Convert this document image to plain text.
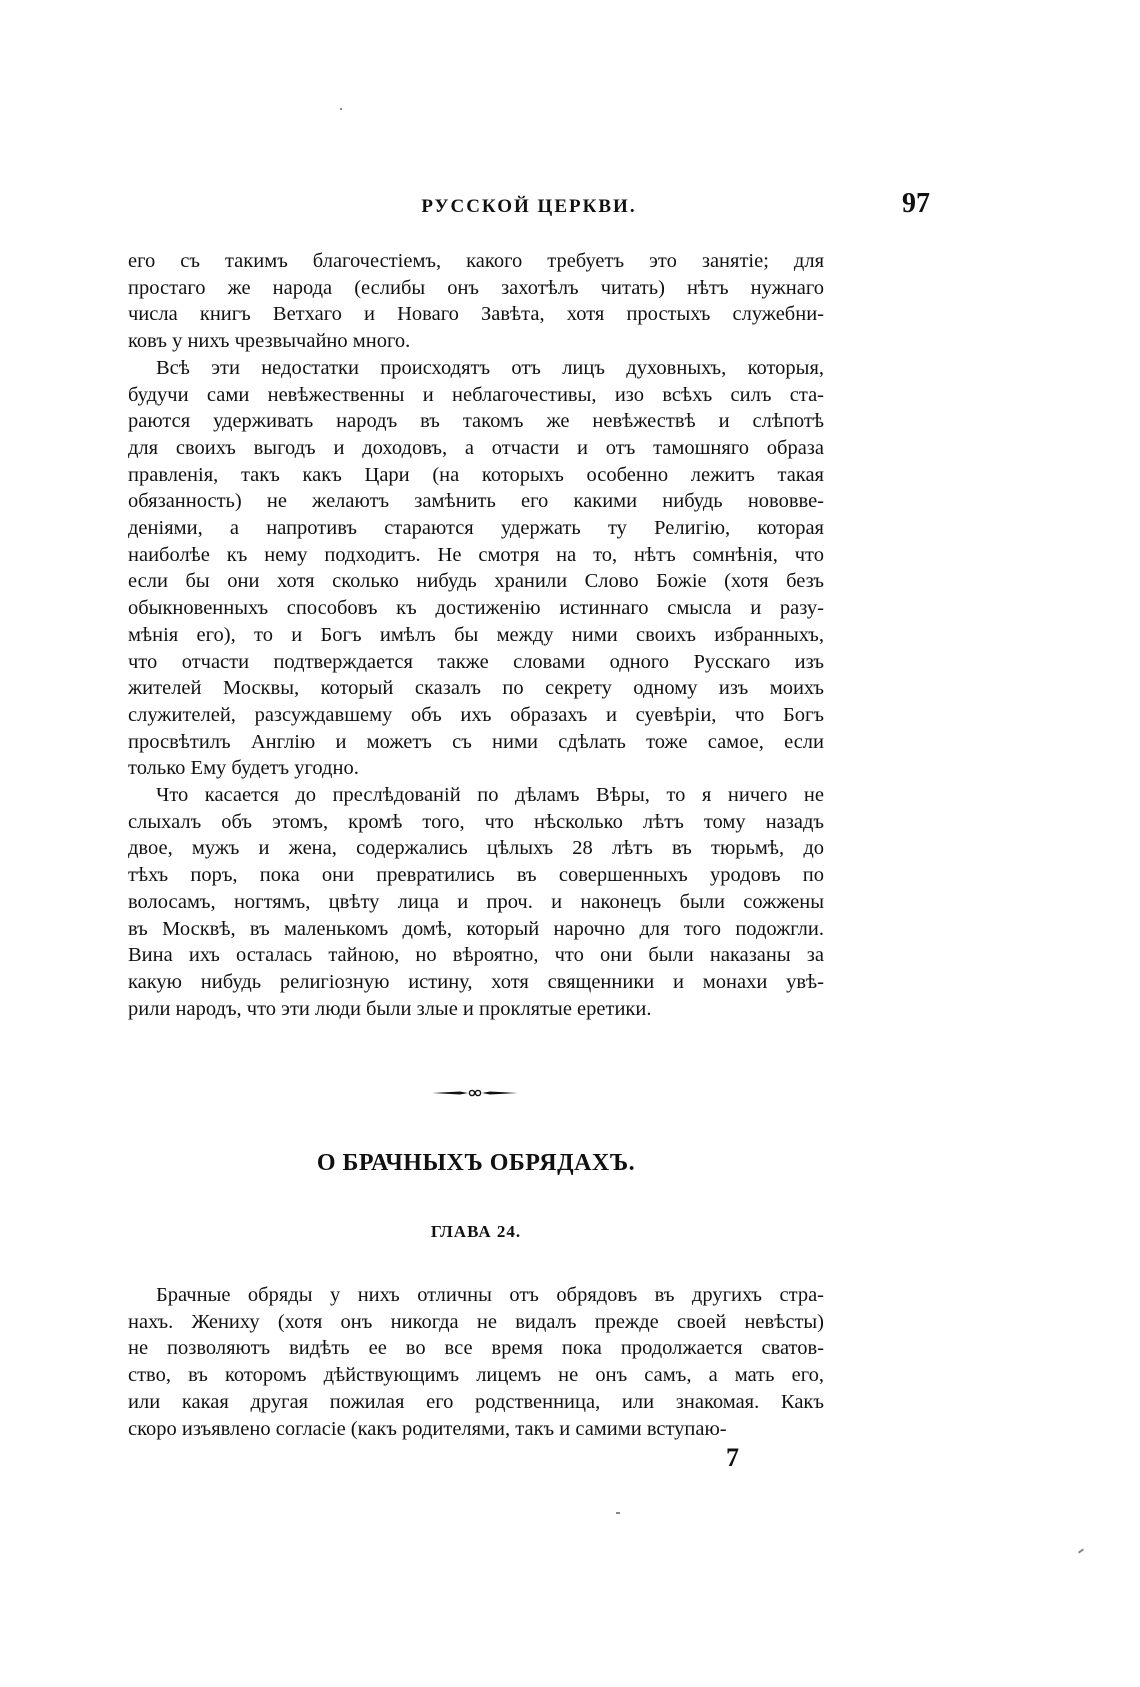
РУССКОЙ ЦЕРКВИ.	97
его съ такимъ благочестіемъ, какого требуетъ это занятіе; для
простаго же народа (еслибы онъ захотѣлъ читать) нѣтъ нужнаго
числа книгъ Ветхаго и Новаго Завѣта, хотя простыхъ служебни-
ковъ у нихъ чрезвычайно много.
Всѣ эти недостатки происходятъ отъ лицъ духовныхъ, которыя,
будучи сами невѣжественны и неблагочестивы, изо всѣхъ силъ ста-
раются удерживать народъ въ такомъ же невѣжествѣ и слѣпотѣ
для своихъ выгодъ и доходовъ, а отчасти и отъ тамошняго образа
правленія, такъ какъ Цари (на которыхъ особенно лежитъ такая
обязанность) не желаютъ замѣнить его какими нибудь нововве-
деніями, а напротивъ стараются удержать ту Религію, которая
наиболѣе къ нему подходитъ. Не смотря на то, нѣтъ сомнѣнія, что
если бы они хотя сколько нибудь хранили Слово Божіе (хотя безъ
обыкновенныхъ способовъ къ достиженію истиннаго смысла и разу-
мѣнія его), то и Богъ имѣлъ бы между ними своихъ избранныхъ,
что отчасти подтверждается также словами одного Русскаго изъ
жителей Москвы, который сказалъ по секрету одному изъ моихъ
служителей, разсуждавшему объ ихъ образахъ и суевѣріи, что Богъ
просвѣтилъ Англію и можетъ съ ними сдѣлать тоже самое, если
только Ему будетъ угодно.
Что касается до преслѣдованій по дѣламъ Вѣры, то я ничего не
слыхалъ объ этомъ, кромѣ того, что нѣсколько лѣтъ тому назадъ
двое, мужъ и жена, содержались цѣлыхъ 28 лѣтъ въ тюрьмѣ, до
тѣхъ поръ, пока они превратились въ совершенныхъ уродовъ по
волосамъ, ногтямъ, цвѣту лица и проч. и наконецъ были сожжены
въ Москвѣ, въ маленькомъ домѣ, который нарочно для того подожгли.
Вина ихъ осталась тайною, но вѣроятно, что они были наказаны за
какую нибудь религіозную истину, хотя священники и монахи увѣ-
рили народъ, что эти люди были злые и проклятые еретики.
О БРАЧНЫХЪ ОБРЯДАХЪ.
ГЛАВА 24.
Брачные обряды у нихъ отличны отъ обрядовъ въ другихъ стра-
нахъ. Жениху (хотя онъ никогда не видалъ прежде своей невѣсты)
не позволяютъ видѣть ее во все время пока продолжается сватов-
ство, въ которомъ дѣйствующимъ лицемъ не онъ самъ, а мать его,
или какая другая пожилая его родственница, или знакомая. Какъ
скоро изъявлено согласіе (какъ родителями, такъ и самими вступаю-
7
